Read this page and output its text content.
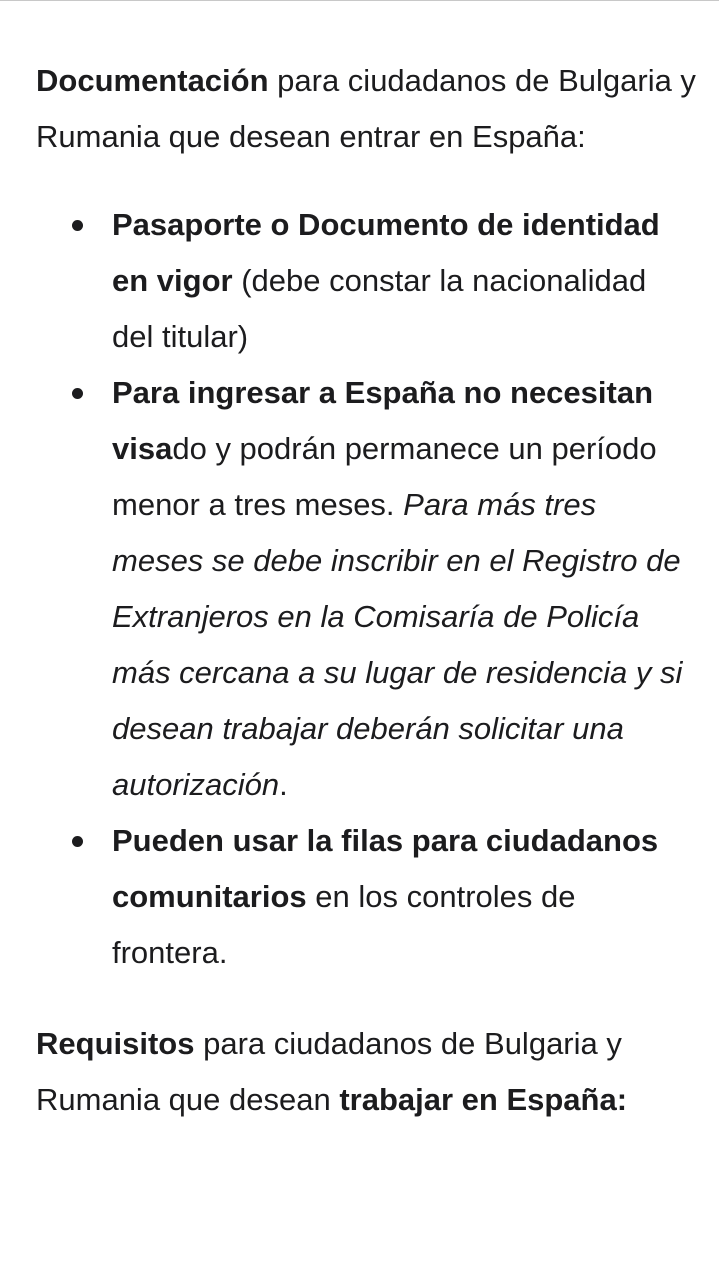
Documentación para ciudadanos de Bulgaria y Rumania que desean entrar en España:

Pasaporte o Documento de identidad en vigor (debe constar la nacionalidad del titular)
Para ingresar a España no necesitan visado y podrán permanece un período menor a tres meses. Para más tres meses se debe inscribir en el Registro de Extranjeros en la Comisaría de Policía más cercana a su lugar de residencia y si desean trabajar deberán solicitar una autorización.
Pueden usar la filas para ciudadanos comunitarios en los controles de frontera.

Requisitos para ciudadanos de Bulgaria y Rumania que desean trabajar en España:
